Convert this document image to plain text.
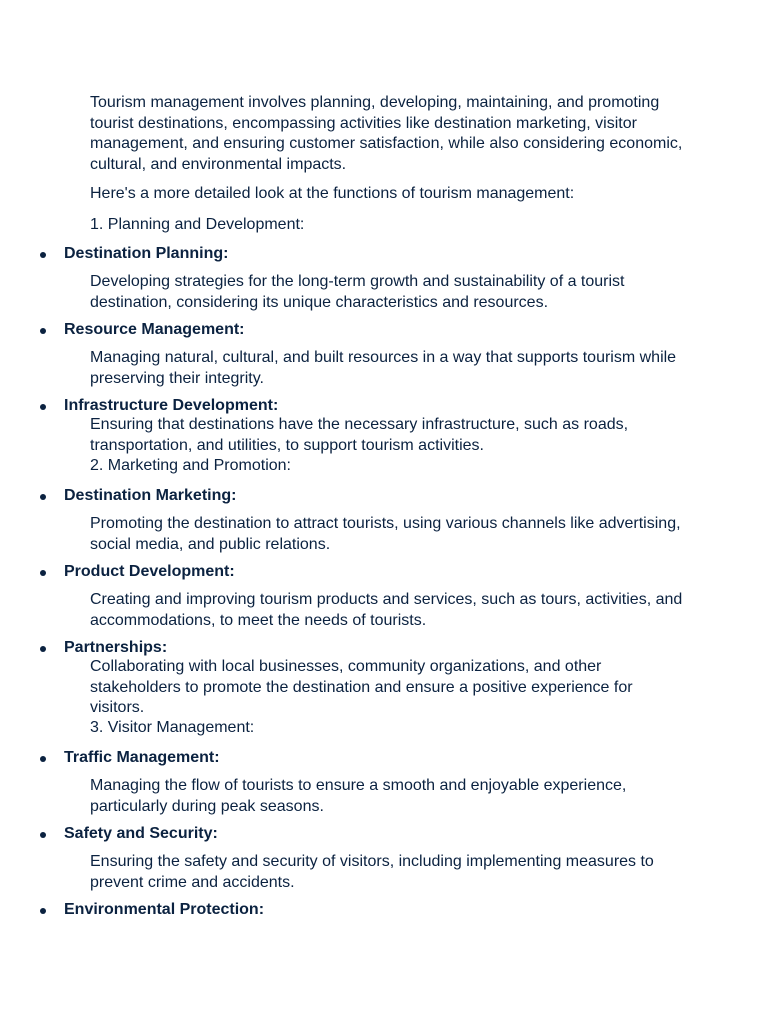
Tourism management involves planning, developing, maintaining, and promoting tourist destinations, encompassing activities like destination marketing, visitor management, and ensuring customer satisfaction, while also considering economic, cultural, and environmental impacts.

Here's a more detailed look at the functions of tourism management:

1. Planning and Development:

Destination Planning:

Developing strategies for the long-term growth and sustainability of a tourist destination, considering its unique characteristics and resources.

Resource Management:

Managing natural, cultural, and built resources in a way that supports tourism while preserving their integrity.

Infrastructure Development:

Ensuring that destinations have the necessary infrastructure, such as roads, transportation, and utilities, to support tourism activities.

2. Marketing and Promotion:

Destination Marketing:

Promoting the destination to attract tourists, using various channels like advertising, social media, and public relations.

Product Development:

Creating and improving tourism products and services, such as tours, activities, and accommodations, to meet the needs of tourists.

Partnerships:

Collaborating with local businesses, community organizations, and other stakeholders to promote the destination and ensure a positive experience for visitors.

3. Visitor Management:

Traffic Management:

Managing the flow of tourists to ensure a smooth and enjoyable experience, particularly during peak seasons.

Safety and Security:

Ensuring the safety and security of visitors, including implementing measures to prevent crime and accidents.

Environmental Protection:
